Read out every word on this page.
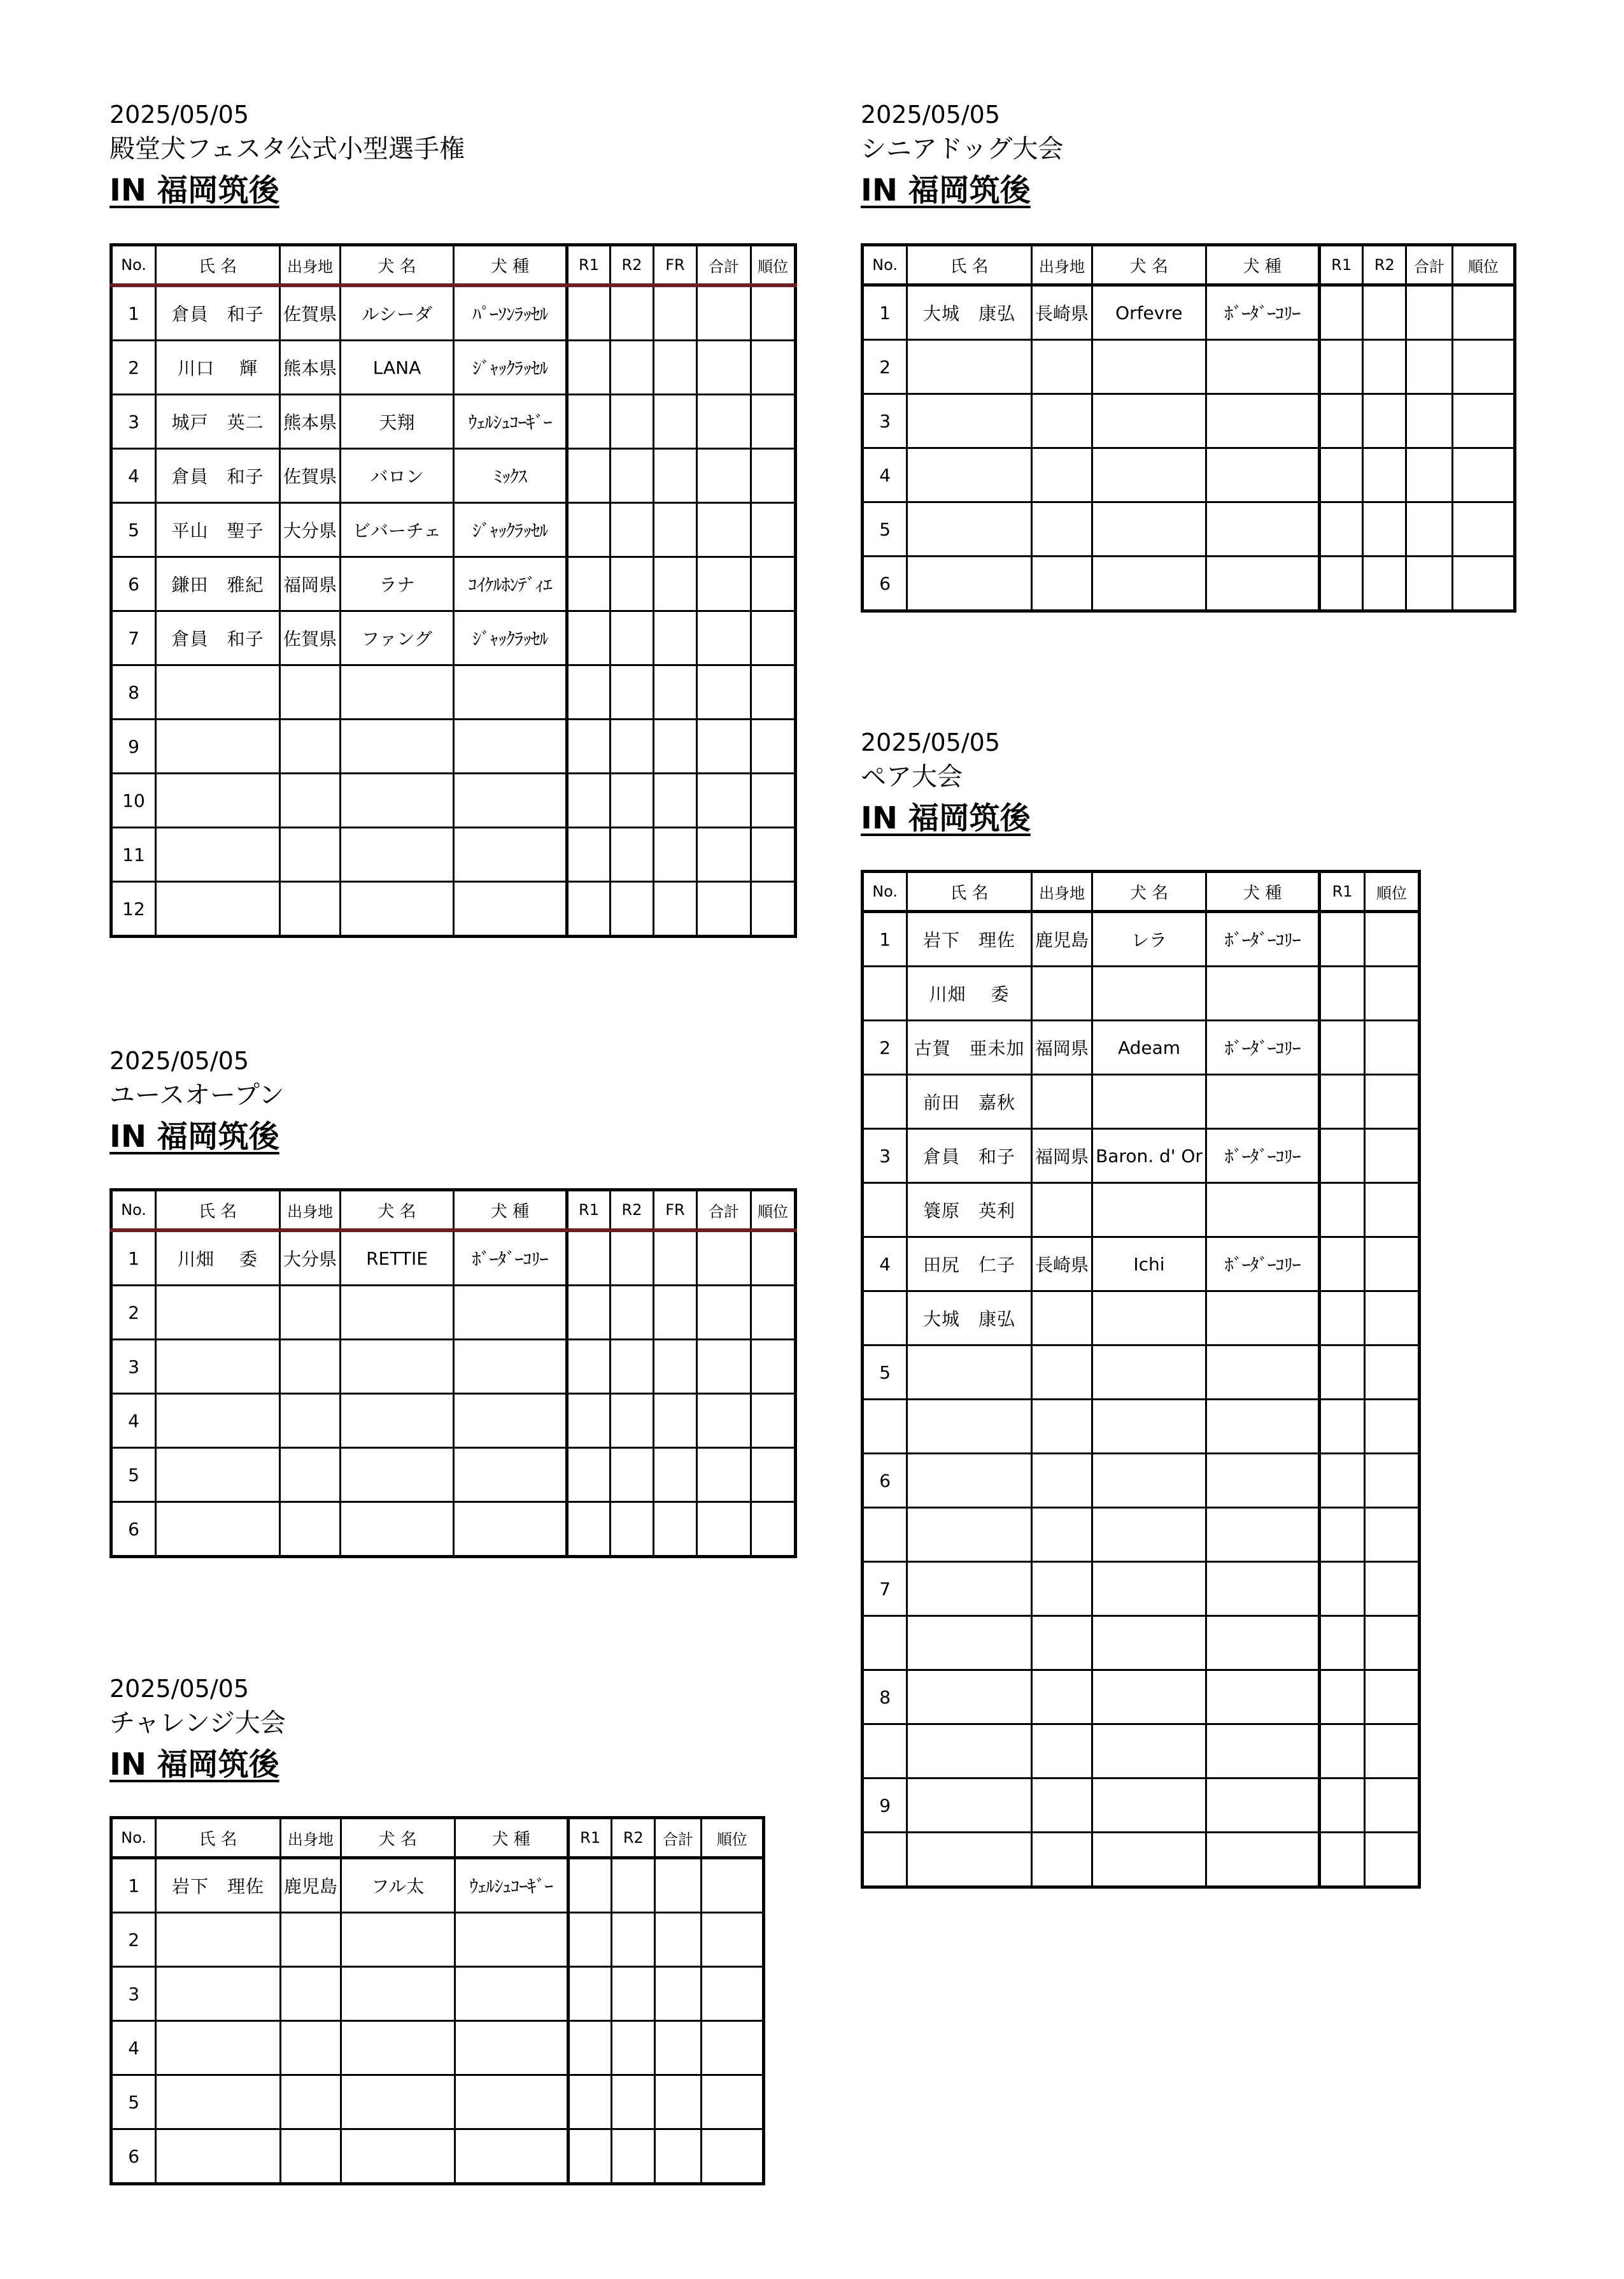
2025/05/05
殿堂犬フェスタ公式小型選手権
IN 福岡筑後
No.	氏 名	出身地	犬 名	犬 種	R1	R2	FR	合計	順位
1	倉員　和子	佐賀県	ルシーダ	ﾊﾟｰｿﾝﾗｯｾﾙ					
2	川口　 輝	熊本県	LANA	ｼﾞｬｯｸﾗｯｾﾙ					
3	城戸　英二	熊本県	天翔	ｳｪﾙｼｭｺｰｷﾞｰ					
4	倉員　和子	佐賀県	バロン	ﾐｯｸｽ					
5	平山　聖子	大分県	ビバーチェ	ｼﾞｬｯｸﾗｯｾﾙ					
6	鎌田　雅紀	福岡県	ラナ	ｺｲｹﾙﾎﾝﾃﾞｨｴ					
7	倉員　和子	佐賀県	ファング	ｼﾞｬｯｸﾗｯｾﾙ					
8									
9									
10									
11									
12									
2025/05/05
シニアドッグ大会
IN 福岡筑後
No.	氏 名	出身地	犬 名	犬 種	R1	R2	合計	順位
1	大城　康弘	長崎県	Orfevre	ﾎﾞｰﾀﾞｰｺﾘｰ				
2								
3								
4								
5								
6								
2025/05/05
ユースオープン
IN 福岡筑後
No.	氏 名	出身地	犬 名	犬 種	R1	R2	FR	合計	順位
1	川畑　 委	大分県	RETTIE	ﾎﾞｰﾀﾞｰｺﾘｰ					
2									
3									
4									
5									
6									
2025/05/05
ペア大会
IN 福岡筑後
No.	氏 名	出身地	犬 名	犬 種	R1	順位
1	岩下　理佐	鹿児島	レラ	ﾎﾞｰﾀﾞｰｺﾘｰ		
	川畑　 委					
2	古賀　亜未加	福岡県	Adeam	ﾎﾞｰﾀﾞｰｺﾘｰ		
	前田　嘉秋					
3	倉員　和子	福岡県	Baron. d' Or	ﾎﾞｰﾀﾞｰｺﾘｰ		
	簑原　英利					
4	田尻　仁子	長崎県	Ichi	ﾎﾞｰﾀﾞｰｺﾘｰ		
	大城　康弘					
5						

6						

7						

8						

9						

2025/05/05
チャレンジ大会
IN 福岡筑後
No.	氏 名	出身地	犬 名	犬 種	R1	R2	合計	順位
1	岩下　理佐	鹿児島	フル太	ｳｪﾙｼｭｺｰｷﾞｰ				
2								
3								
4								
5								
6								
